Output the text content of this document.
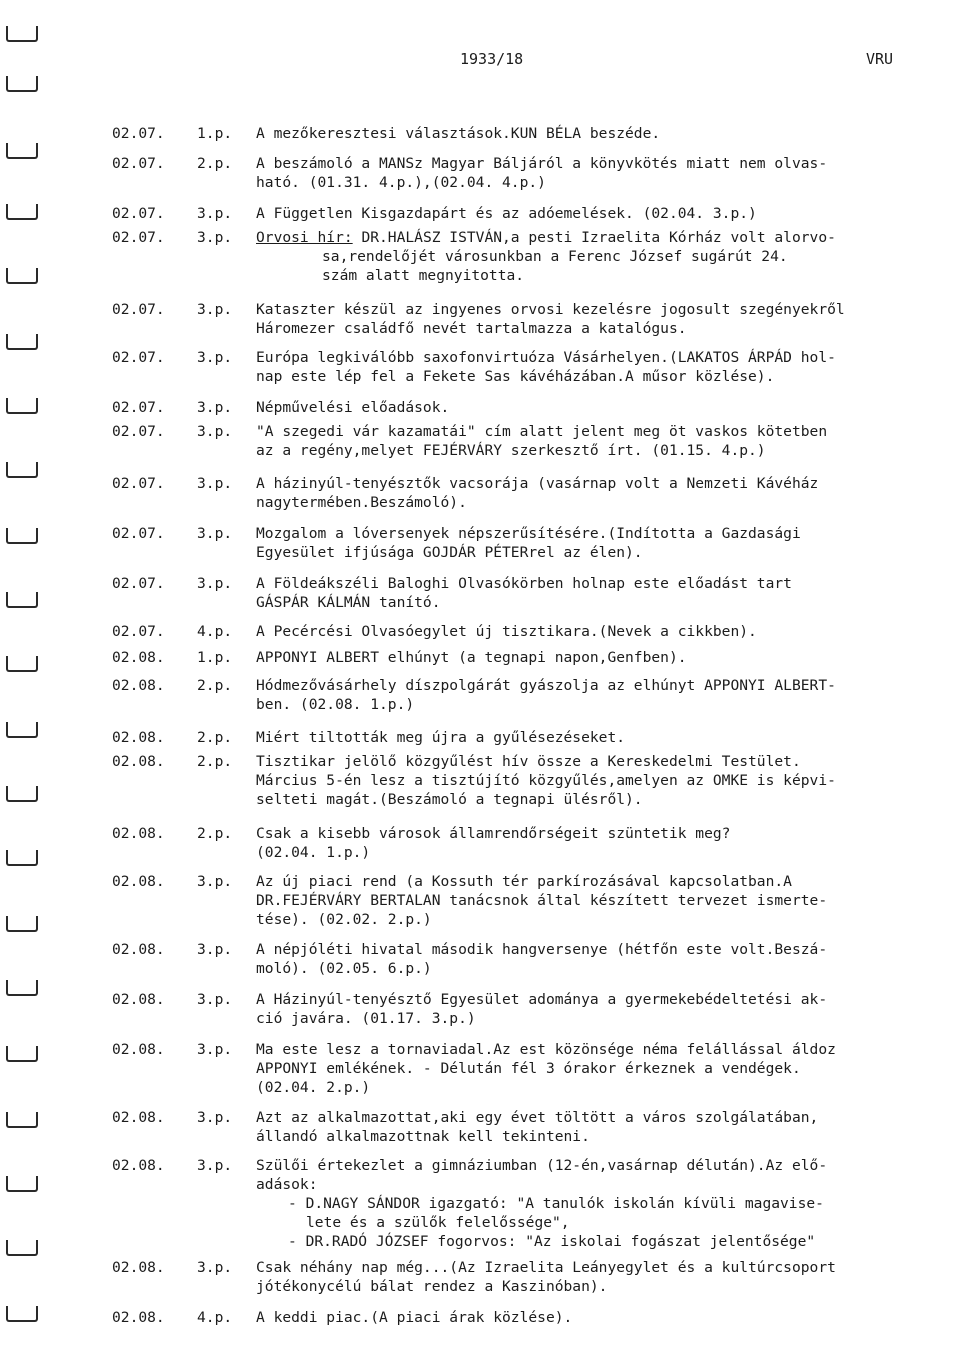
1933/18	VRU
02.07. 1.p. A mezőkeresztesi választások.KUN BÉLA beszéde.
02.07. 2.p. A beszámoló a MANSz Magyar Báljáról a könyvkötés miatt nem olvas-
ható. (01.31. 4.p.),(02.04. 4.p.)
02.07. 3.p. A Független Kisgazdapárt és az adóemelések. (02.04. 3.p.)
02.07. 3.p. Orvosi hír: DR.HALÁSZ ISTVÁN,a pesti Izraelita Kórház volt alorvo-
sa,rendelőjét városunkban a Ferenc József sugárút 24.
szám alatt megnyitotta.
02.07. 3.p. Kataszter készül az ingyenes orvosi kezelésre jogosult szegényekről
Háromezer családfő nevét tartalmazza a katalógus.
02.07. 3.p. Európa legkiválóbb saxofonvirtuóza Vásárhelyen.(LAKATOS ÁRPÁD hol-
nap este lép fel a Fekete Sas kávéházában.A műsor közlése).
02.07. 3.p. Népművelési előadások.
02.07. 3.p. "A szegedi vár kazamatái" cím alatt jelent meg öt vaskos kötetben
az a regény,melyet FEJÉRVÁRY szerkesztő írt. (01.15. 4.p.)
02.07. 3.p. A házinyúl-tenyésztők vacsorája (vasárnap volt a Nemzeti Kávéház
nagytermében.Beszámoló).
02.07. 3.p. Mozgalom a lóversenyek népszerűsítésére.(Indította a Gazdasági
Egyesület ifjúsága GOJDÁR PÉTERrel az élen).
02.07. 3.p. A Földeákszéli Baloghi Olvasókörben holnap este előadást tart
GÁSPÁR KÁLMÁN tanító.
02.07. 4.p. A Pecércési Olvasóegylet új tisztikara.(Nevek a cikkben).
02.08. 1.p. APPONYI ALBERT elhúnyt (a tegnapi napon,Genfben).
02.08. 2.p. Hódmezővásárhely díszpolgárát gyászolja az elhúnyt APPONYI ALBERT-
ben. (02.08. 1.p.)
02.08. 2.p. Miért tiltották meg újra a gyűlésezéseket.
02.08. 2.p. Tisztikar jelölő közgyűlést hív össze a Kereskedelmi Testület.
Március 5-én lesz a tisztújító közgyűlés,amelyen az OMKE is képvi-
selteti magát.(Beszámoló a tegnapi ülésről).
02.08. 2.p. Csak a kisebb városok államrendőrségeit szüntetik meg?
(02.04. 1.p.)
02.08. 3.p. Az új piaci rend (a Kossuth tér parkírozásával kapcsolatban.A
DR.FEJÉRVÁRY BERTALAN tanácsnok által készített tervezet ismerte-
tése). (02.02. 2.p.)
02.08. 3.p. A népjóléti hivatal második hangversenye (hétfőn este volt.Beszá-
moló). (02.05. 6.p.)
02.08. 3.p. A Házinyúl-tenyésztő Egyesület adománya a gyermekebédeltetési ak-
ció javára. (01.17. 3.p.)
02.08. 3.p. Ma este lesz a tornaviadal.Az est közönsége néma felállással áldoz
APPONYI emlékének. - Délután fél 3 órakor érkeznek a vendégek.
(02.04. 2.p.)
02.08. 3.p. Azt az alkalmazottat,aki egy évet töltött a város szolgálatában,
állandó alkalmazottnak kell tekinteni.
02.08. 3.p. Szülői értekezlet a gimnáziumban (12-én,vasárnap délután).Az elő-
adások:
- D.NAGY SÁNDOR igazgató: "A tanulók iskolán kívüli magavise-
lete és a szülők felelőssége",
- DR.RADÓ JÓZSEF fogorvos: "Az iskolai fogászat jelentősége"
02.08. 3.p. Csak néhány nap még...(Az Izraelita Leányegylet és a kultúrcsoport
jótékonycélú bálat rendez a Kaszinóban).
02.08. 4.p. A keddi piac.(A piaci árak közlése).
